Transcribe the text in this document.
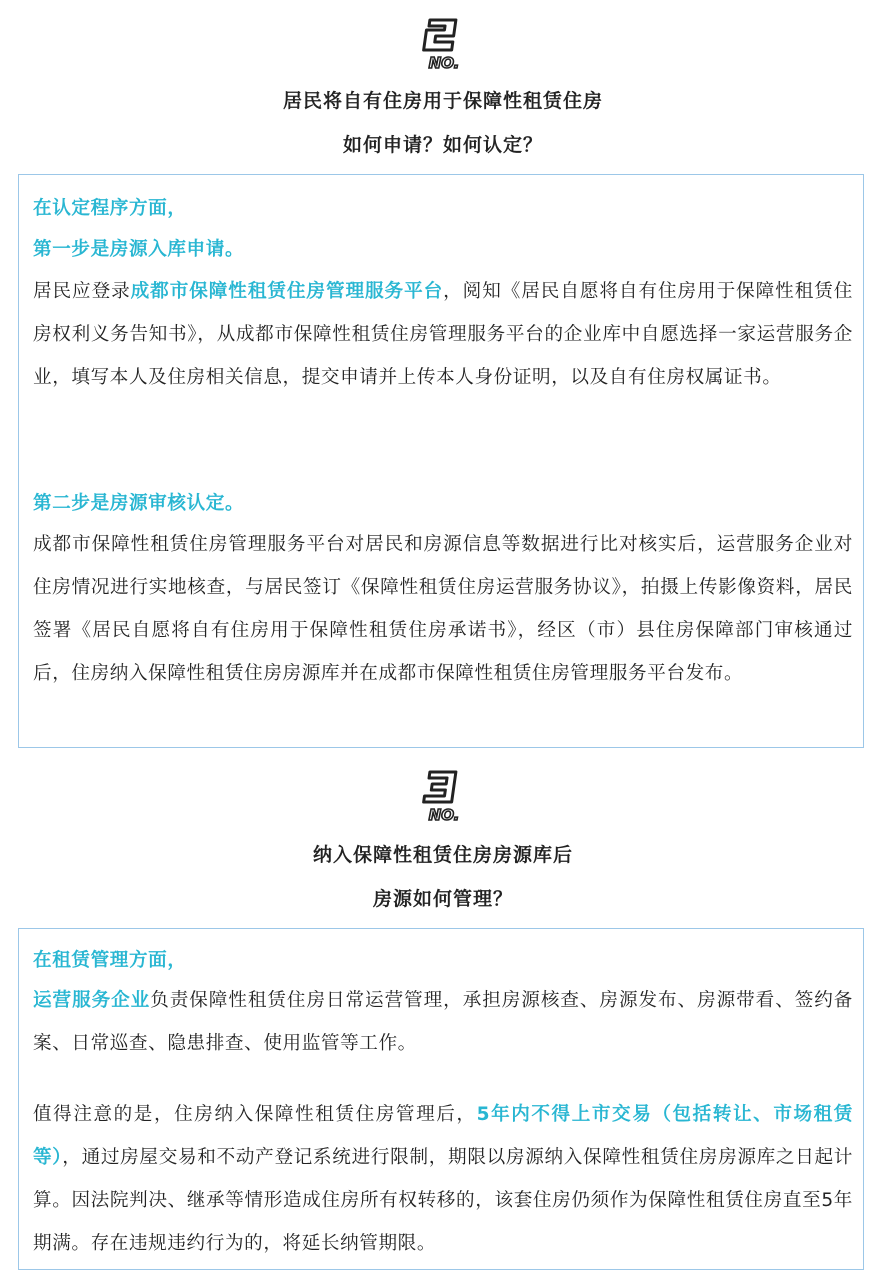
NO.
居民将自有住房用于保障性租赁住房
如何申请？如何认定？
在认定程序方面，
第一步是房源入库申请。
居民应登录成都市保障性租赁住房管理服务平台，阅知《居民自愿将自有住房用于保障性租赁住房权利义务告知书》，从成都市保障性租赁住房管理服务平台的企业库中自愿选择一家运营服务企业，填写本人及住房相关信息，提交申请并上传本人身份证明，以及自有住房权属证书。
第二步是房源审核认定。
成都市保障性租赁住房管理服务平台对居民和房源信息等数据进行比对核实后，运营服务企业对住房情况进行实地核查，与居民签订《保障性租赁住房运营服务协议》，拍摄上传影像资料，居民签署《居民自愿将自有住房用于保障性租赁住房承诺书》，经区（市）县住房保障部门审核通过后，住房纳入保障性租赁住房房源库并在成都市保障性租赁住房管理服务平台发布。
NO.
纳入保障性租赁住房房源库后
房源如何管理？
在租赁管理方面，
运营服务企业负责保障性租赁住房日常运营管理，承担房源核查、房源发布、房源带看、签约备案、日常巡查、隐患排查、使用监管等工作。
值得注意的是，住房纳入保障性租赁住房管理后，5年内不得上市交易（包括转让、市场租赁等），通过房屋交易和不动产登记系统进行限制，期限以房源纳入保障性租赁住房房源库之日起计算。因法院判决、继承等情形造成住房所有权转移的，该套住房仍须作为保障性租赁住房直至5年期满。存在违规违约行为的，将延长纳管期限。
